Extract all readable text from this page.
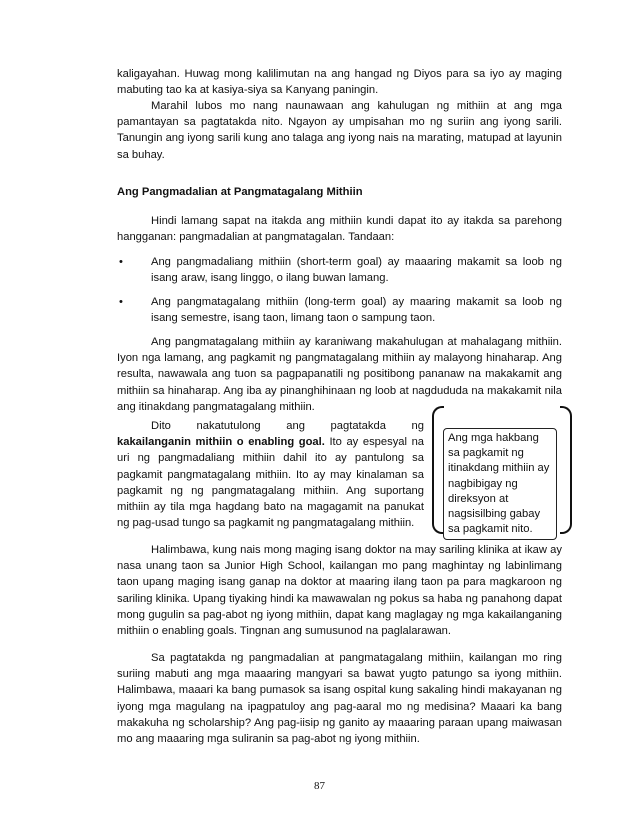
kaligayahan. Huwag mong kalilimutan na ang hangad ng Diyos para sa iyo ay maging mabuting tao ka at kasiya-siya sa Kanyang paningin.
Marahil lubos mo nang naunawaan ang kahulugan ng mithiin at ang mga pamantayan sa pagtatakda nito. Ngayon ay umpisahan mo ng suriin ang iyong sarili. Tanungin ang iyong sarili kung ano talaga ang iyong nais na marating, matupad at layunin sa buhay.
Ang Pangmadalian at Pangmatagalang Mithiin
Hindi lamang sapat na itakda ang mithiin kundi dapat ito ay itakda sa parehong hangganan: pangmadalian at pangmatagalan. Tandaan:
•	Ang pangmadaliang mithiin (short-term goal) ay maaaring makamit sa loob ng isang araw, isang linggo, o ilang buwan lamang.
•	Ang pangmatagalang mithiin (long-term goal) ay maaring makamit sa loob ng isang semestre, isang taon, limang taon o sampung taon.
Ang pangmatagalang mithiin ay karaniwang makahulugan at mahalagang mithiin. Iyon nga lamang, ang pagkamit ng pangmatagalang mithiin ay malayong hinaharap. Ang resulta, nawawala ang tuon sa pagpapanatili ng positibong pananaw na makakamit ang mithiin sa hinaharap. Ang iba ay pinanghihinaan ng loob at nagdududa na makakamit nila ang itinakdang pangmatagalang mithiin.
Dito nakatutulong ang pagtatakda ng
kakailanganin mithiin o enabling goal. Ito ay espesyal na uri ng pangmadaliang mithiin dahil ito ay pantulong sa pagkamit pangmatagalang mithiin. Ito ay may kinalaman sa pagkamit ng ng pangmatagalang mithiin. Ang suportang mithiin ay tila mga hagdang bato na magagamit na panukat ng pag-usad tungo sa pagkamit ng pangmatagalang mithiin.
Ang mga hakbang sa pagkamit ng itinakdang mithiin ay nagbibigay ng direksyon at nagsisilbing gabay sa pagkamit nito.
Halimbawa, kung nais mong maging isang doktor na may sariling klinika at ikaw ay nasa unang taon sa Junior High School, kailangan mo pang maghintay ng labinlimang taon upang maging isang ganap na doktor at maaring ilang taon pa para magkaroon ng sariling klinika. Upang tiyaking hindi ka mawawalan ng pokus sa haba ng panahong dapat mong gugulin sa pag-abot ng iyong mithiin, dapat kang maglagay ng mga kakailanganing mithiin o enabling goals. Tingnan ang sumusunod na paglalarawan.
Sa pagtatakda ng pangmadalian at pangmatagalang mithiin, kailangan mo ring suriing mabuti ang mga maaaring mangyari sa bawat yugto patungo sa iyong mithiin. Halimbawa, maaari ka bang pumasok sa isang ospital kung sakaling hindi makayanan ng iyong mga magulang na ipagpatuloy ang pag-aaral mo ng medisina? Maaari ka bang makakuha ng scholarship? Ang pag-iisip ng ganito ay maaaring paraan upang maiwasan mo ang maaaring mga suliranin sa pag-abot ng iyong mithiin.
87
